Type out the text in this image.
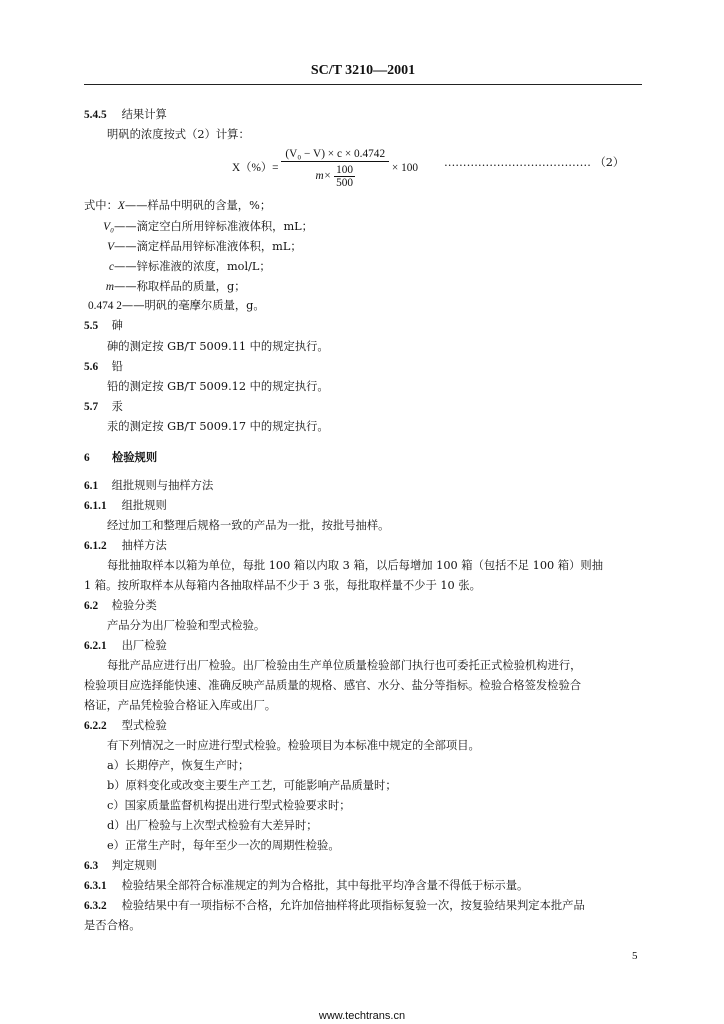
SC/T 3210—2001
5.4.5 结果计算
明矾的浓度按式（2）计算：
$X(\%)= \frac{\text{(V₀ − V) × c × 0.4742}}{m\times \frac{100}{500}} \times 100$ ………………………………… （2）
式中：X——样品中明矾的含量，%；
V₀——滴定空白所用锌标准液体积，mL；
V——滴定样品用锌标准液体积，mL；
c——锌标准液的浓度，mol/L；
m——称取样品的质量，g；
0.474 2——明矾的毫摩尔质量，g。
5.5 砷
砷的测定按 GB/T 5009.11 中的规定执行。
5.6 铅
铅的测定按 GB/T 5009.12 中的规定执行。
5.7 汞
汞的测定按 GB/T 5009.17 中的规定执行。
6 检验规则
6.1 组批规则与抽样方法
6.1.1 组批规则
经过加工和整理后规格一致的产品为一批，按批号抽样。
6.1.2 抽样方法
每批抽取样本以箱为单位，每批 100 箱以内取 3 箱，以后每增加 100 箱（包括不足 100 箱）则抽
1 箱。按所取样本从每箱内各抽取样品不少于 3 张，每批取样量不少于 10 张。
6.2 检验分类
产品分为出厂检验和型式检验。
6.2.1 出厂检验
每批产品应进行出厂检验。出厂检验由生产单位质量检验部门执行也可委托正式检验机构进行，
检验项目应选择能快速、准确反映产品质量的规格、感官、水分、盐分等指标。检验合格签发检验合
格证，产品凭检验合格证入库或出厂。
6.2.2 型式检验
有下列情况之一时应进行型式检验。检验项目为本标准中规定的全部项目。
a）长期停产，恢复生产时；
b）原料变化或改变主要生产工艺，可能影响产品质量时；
c）国家质量监督机构提出进行型式检验要求时；
d）出厂检验与上次型式检验有大差异时；
e）正常生产时，每年至少一次的周期性检验。
6.3 判定规则
6.3.1 检验结果全部符合标准规定的判为合格批，其中每批平均净含量不得低于标示量。
6.3.2 检验结果中有一项指标不合格，允许加倍抽样将此项指标复验一次，按复验结果判定本批产品
是否合格。
5
www.techtrans.cn
